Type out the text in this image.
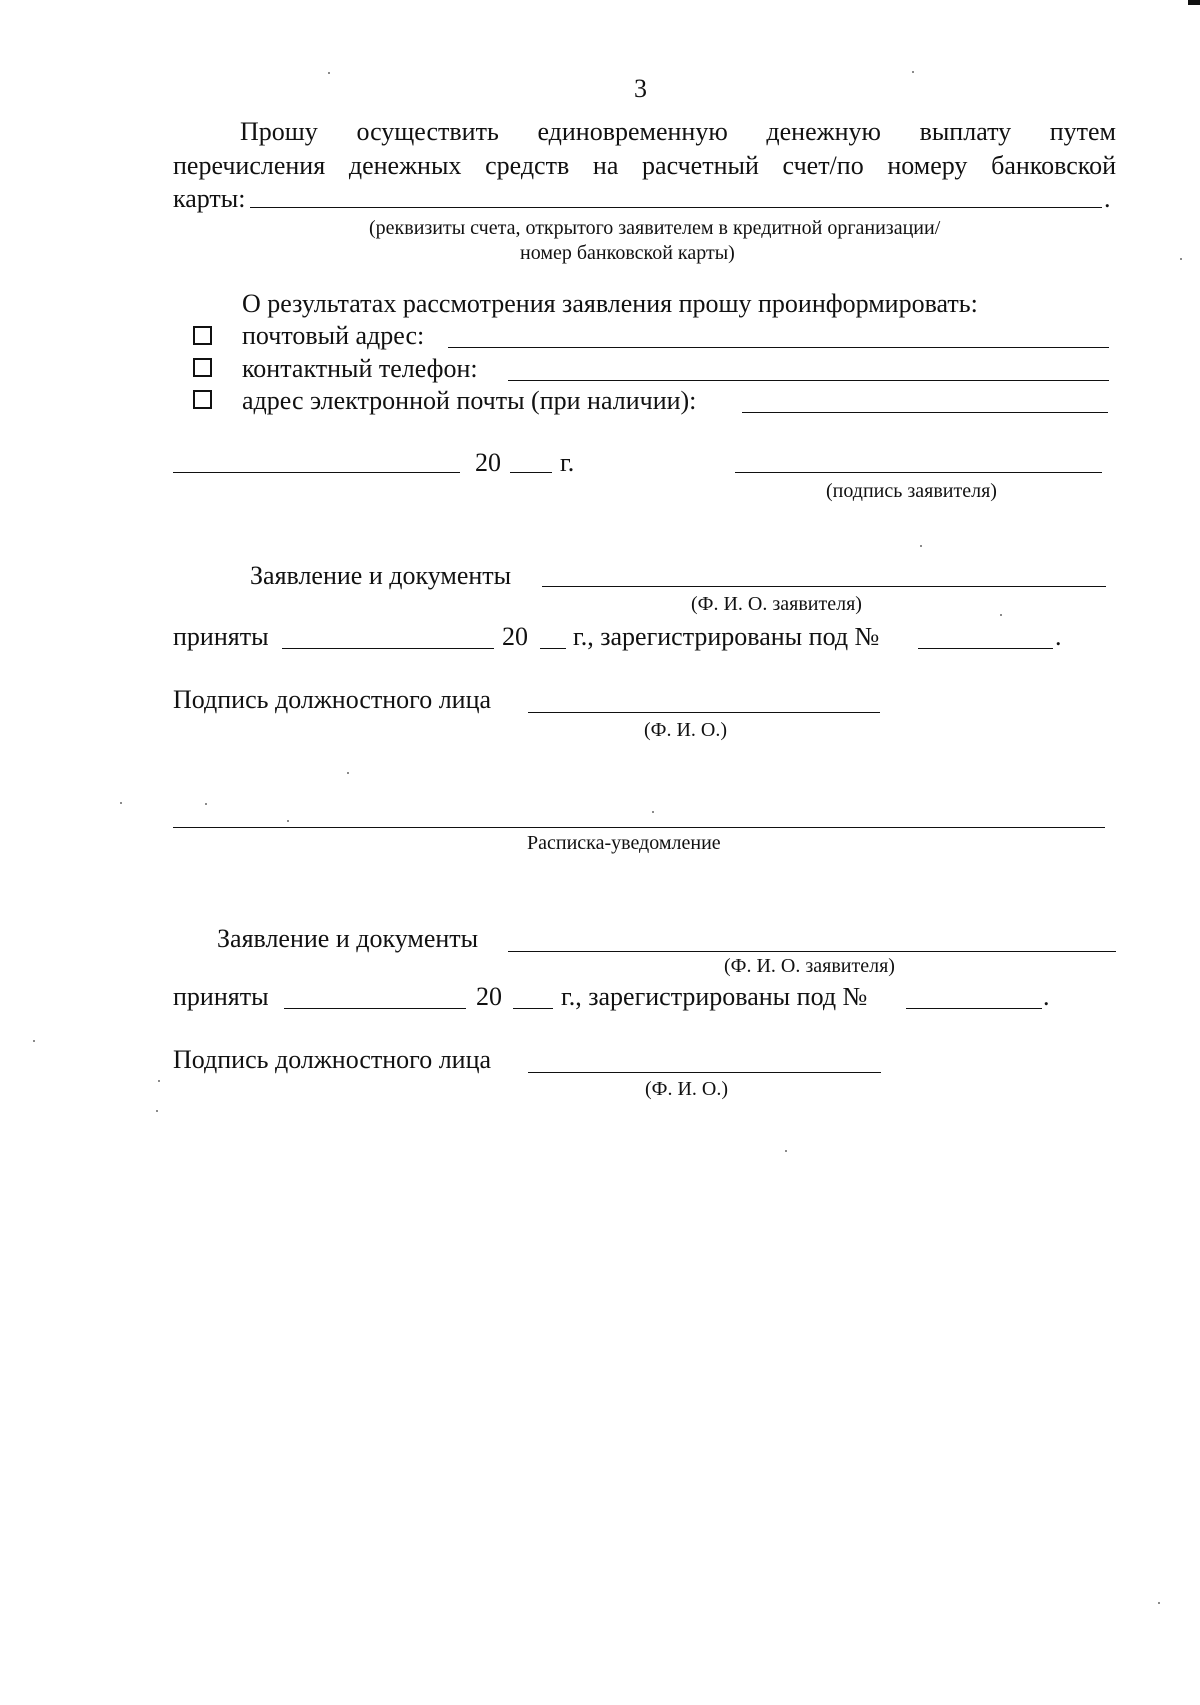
3
Прошу осуществить единовременную денежную выплату путем
перечисления денежных средств на расчетный счет/по номеру банковской
карты:	.
(реквизиты счета, открытого заявителем в кредитной организации/
номер банковской карты)
О результатах рассмотрения заявления прошу проинформировать:
почтовый адрес:
контактный телефон:
адрес электронной почты (при наличии):
20 г.
(подпись заявителя)
Заявление и документы
(Ф. И. О. заявителя)
приняты	20 г., зарегистрированы под №	.
Подпись должностного лица
(Ф. И. О.)
Расписка-уведомление
Заявление и документы
(Ф. И. О. заявителя)
приняты	20 г., зарегистрированы под №	.
Подпись должностного лица
(Ф. И. О.)
